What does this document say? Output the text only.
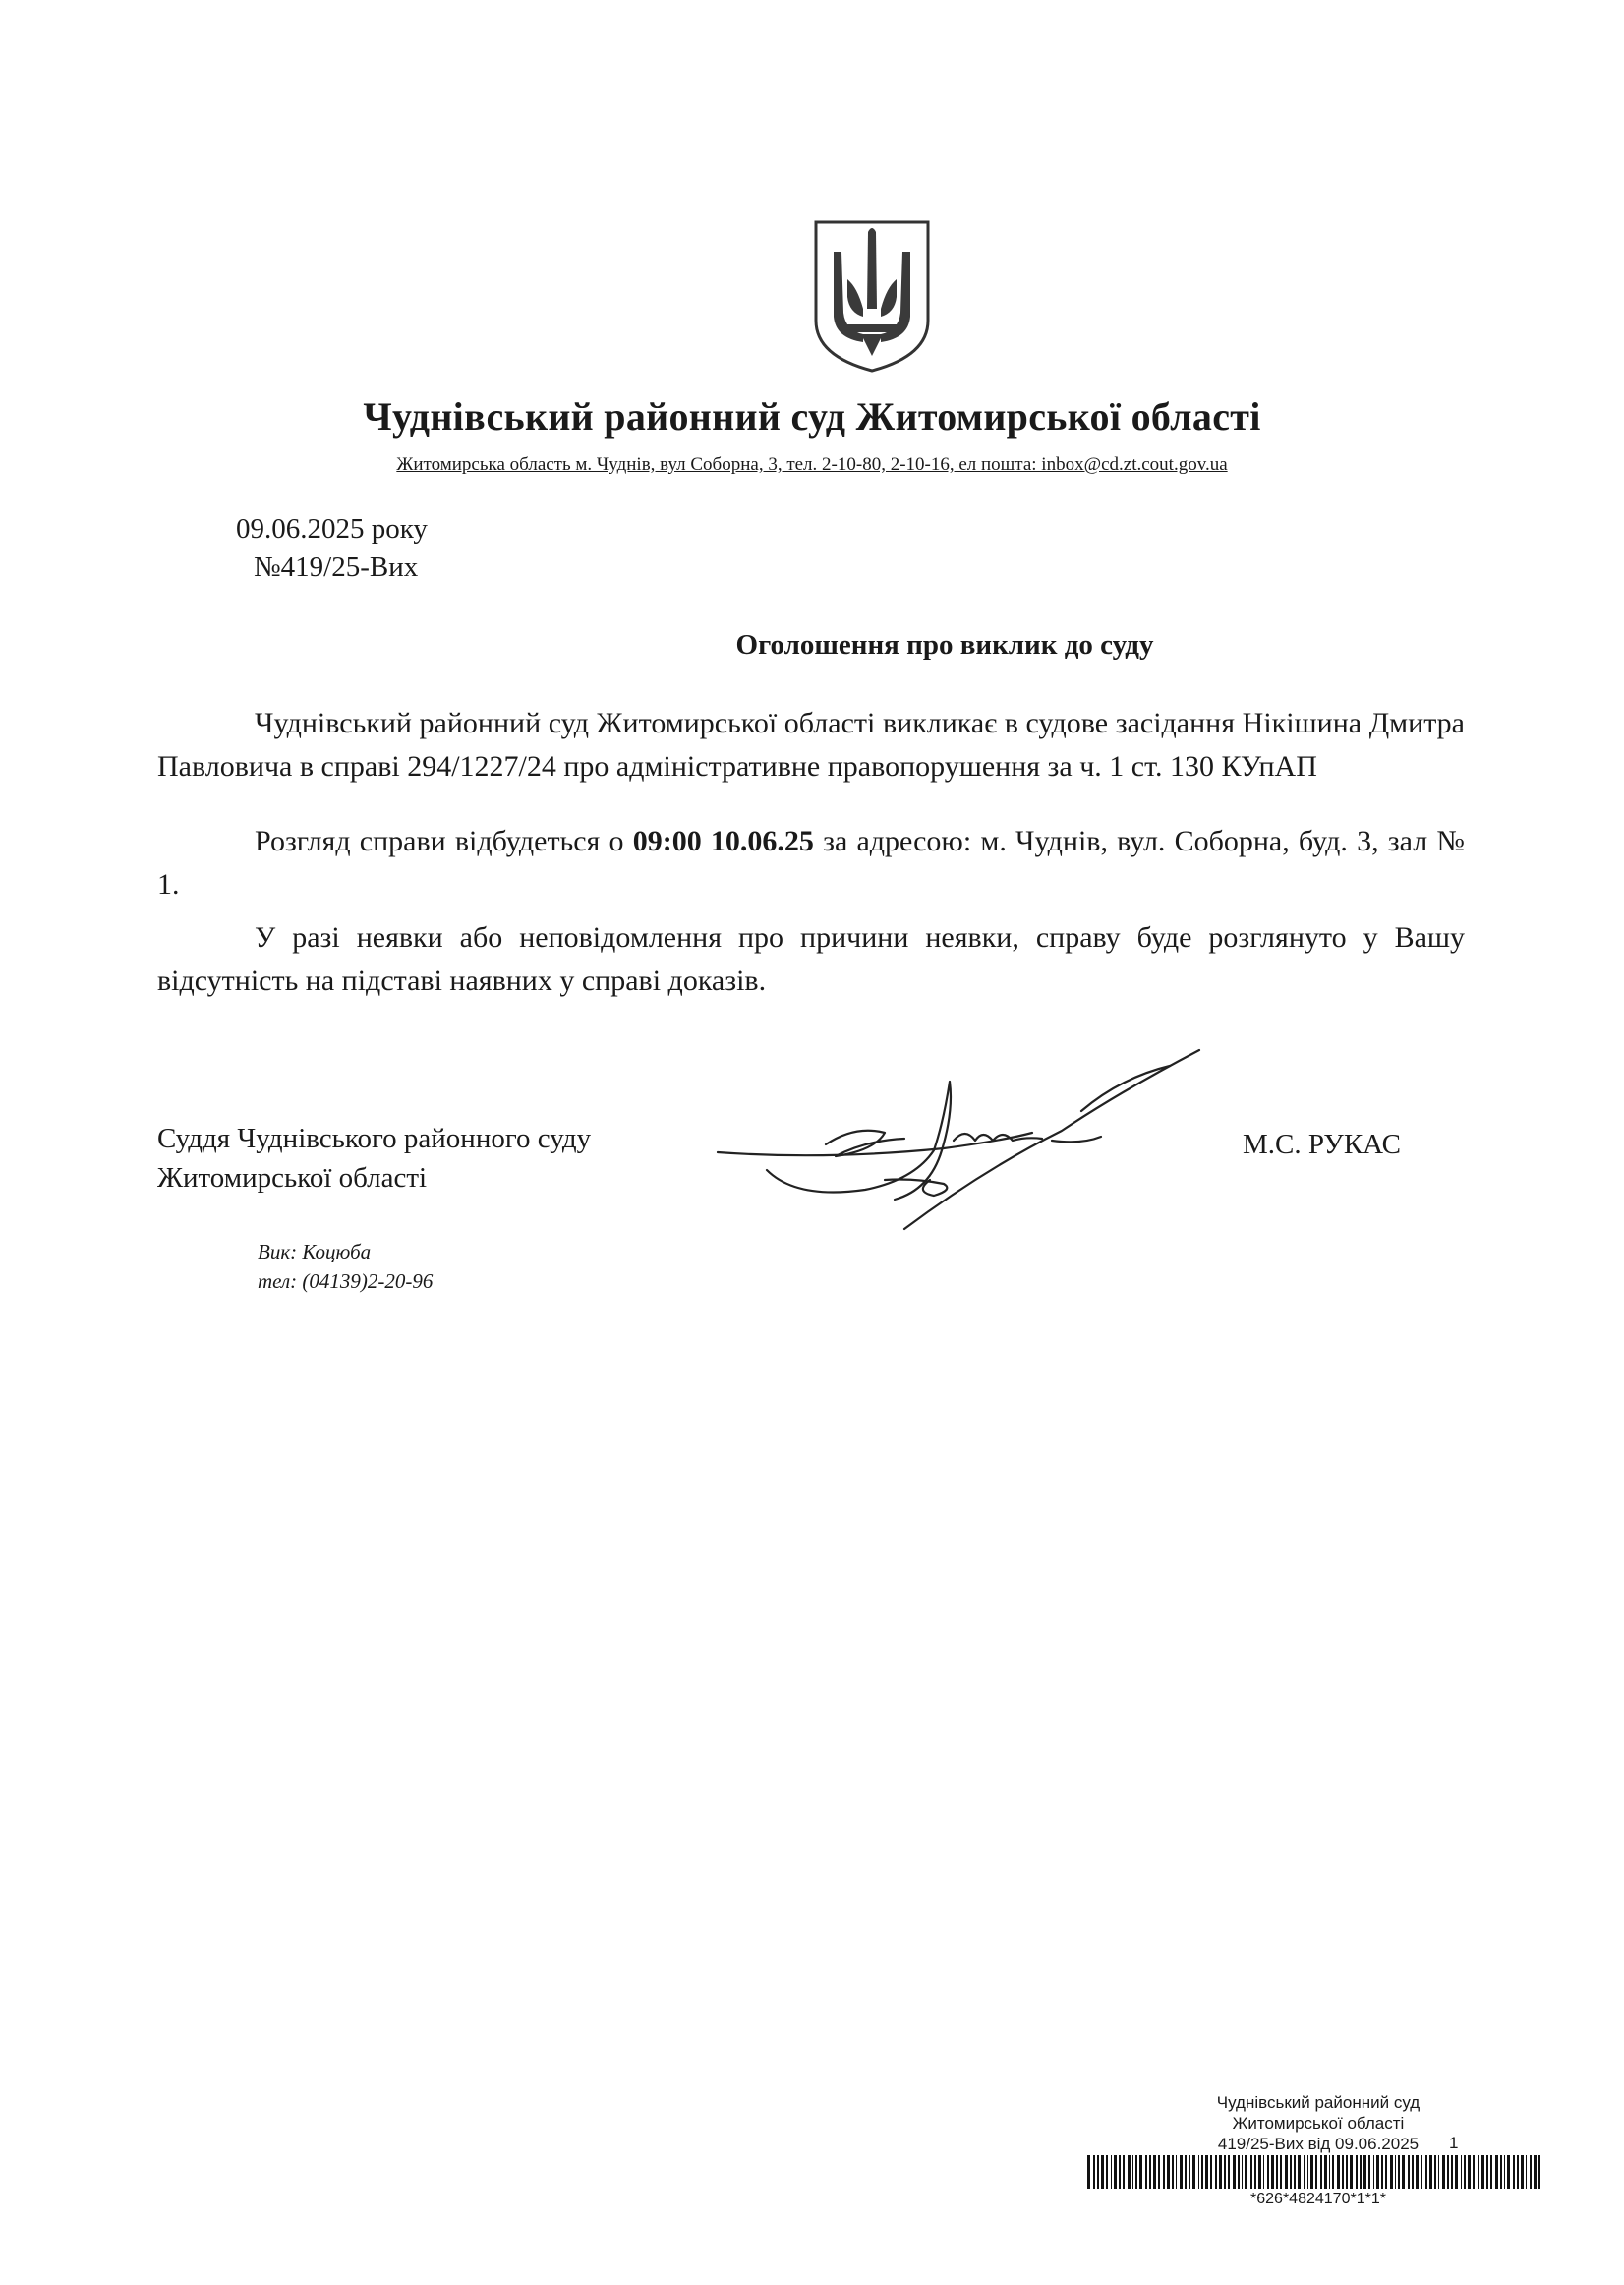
Чуднівський районний суд Житомирської області
Житомирська область м. Чуднів, вул Соборна, 3, тел. 2-10-80, 2-10-16, ел пошта: inbox@cd.zt.cout.gov.ua
09.06.2025 року
№419/25-Вих
Оголошення про виклик до суду

Чуднівський районний суд Житомирської області викликає в судове засідання Нікішина Дмитра Павловича в справі 294/1227/24 про адміністративне правопорушення за ч. 1 ст. 130 КУпАП

Розгляд справи відбудеться о 09:00 10.06.25 за адресою: м. Чуднів, вул. Соборна, буд. 3, зал № 1.

У разі неявки або неповідомлення про причини неявки, справу буде розглянуто у Вашу відсутність на підставі наявних у справі доказів.

Суддя Чуднівського районного суду
Житомирської області
М.С. РУКАС
Вик: Коцюба
тел: (04139)2-20-96
Чуднівський районний суд
Житомирської області
419/25-Вих від 09.06.2025	1
*626*4824170*1*1*
